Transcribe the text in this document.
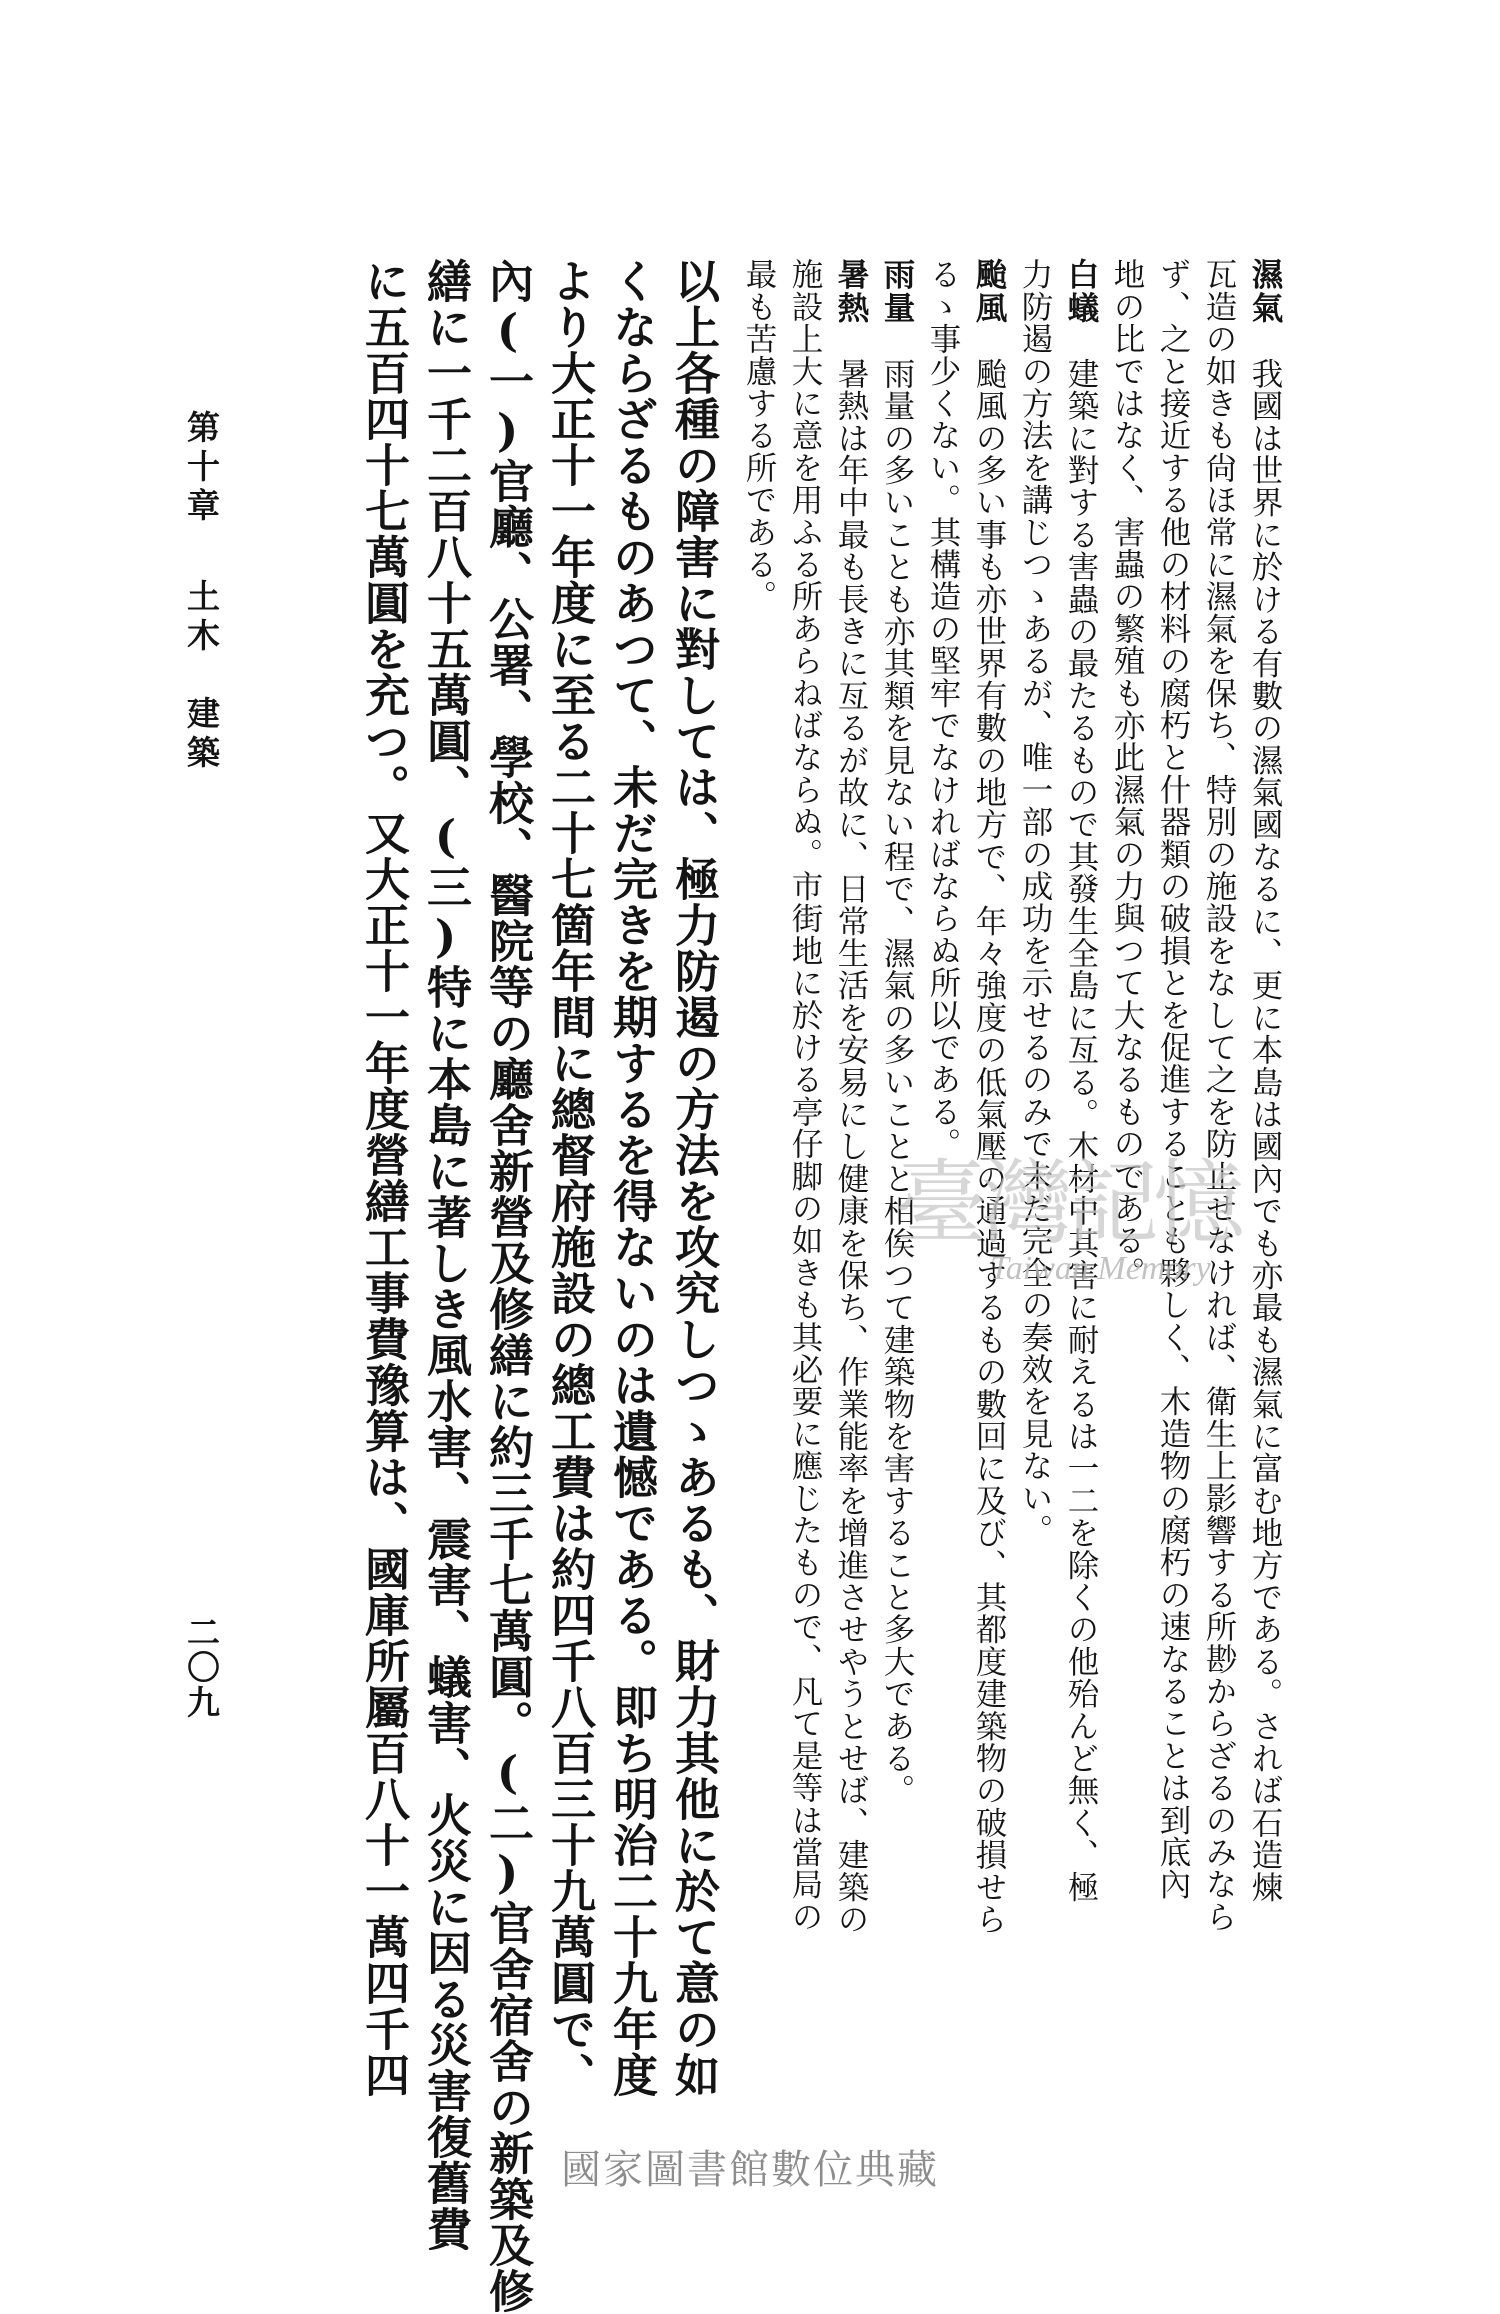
濕氣　我國は世界に於ける有數の濕氣國なるに、更に本島は國內でも亦最も濕氣に富む地方である。されば石造煉
瓦造の如きも尙ほ常に濕氣を保ち、特別の施設をなして之を防止せなければ、衛生上影響する所尠からざるのみなら
ず、之と接近する他の材料の腐朽と什器類の破損とを促進することも夥しく、木造物の腐朽の速なることは到底內
地の比ではなく、害蟲の繁殖も亦此濕氣の力與つて大なるものである。
白蟻　建築に對する害蟲の最たるもので其發生全島に亙る。木材中其害に耐えるは一二を除くの他殆んど無く、極
力防遏の方法を講じつゝあるが、唯一部の成功を示せるのみで未だ完全の奏效を見ない。
颱風　颱風の多い事も亦世界有數の地方で、年々強度の低氣壓の通過するもの數回に及び、其都度建築物の破損せら
るゝ事少くない。其構造の堅牢でなければならぬ所以である。
雨量　雨量の多いことも亦其類を見ない程で、濕氣の多いことと相俟つて建築物を害すること多大である。
暑熱　暑熱は年中最も長きに亙るが故に、日常生活を安易にし健康を保ち、作業能率を增進させやうとせば、建築の
施設上大に意を用ふる所あらねばならぬ。市街地に於ける亭仔脚の如きも其必要に應じたもので、凡て是等は當局の
最も苦慮する所である。
以上各種の障害に對しては、極力防遏の方法を攻究しつゝあるも、財力其他に於て意の如
くならざるものあつて、未だ完きを期するを得ないのは遺憾である。即ち明治二十九年度
より大正十一年度に至る二十七箇年間に總督府施設の總工費は約四千八百三十九萬圓で、
內(一)官廳、公署、學校、醫院等の廳舍新營及修繕に約三千七萬圓。(二)官舍宿舍の新築及修
繕に一千二百八十五萬圓、(三)特に本島に著しき風水害、震害、蟻害、火災に因る災害復舊費
に五百四十七萬圓を充つ。又大正十一年度營繕工事費豫算は、國庫所屬百八十一萬四千四
第十章土木　建築
二〇九
臺灣記憶
Taiwan Memory
國家圖書館數位典藏
